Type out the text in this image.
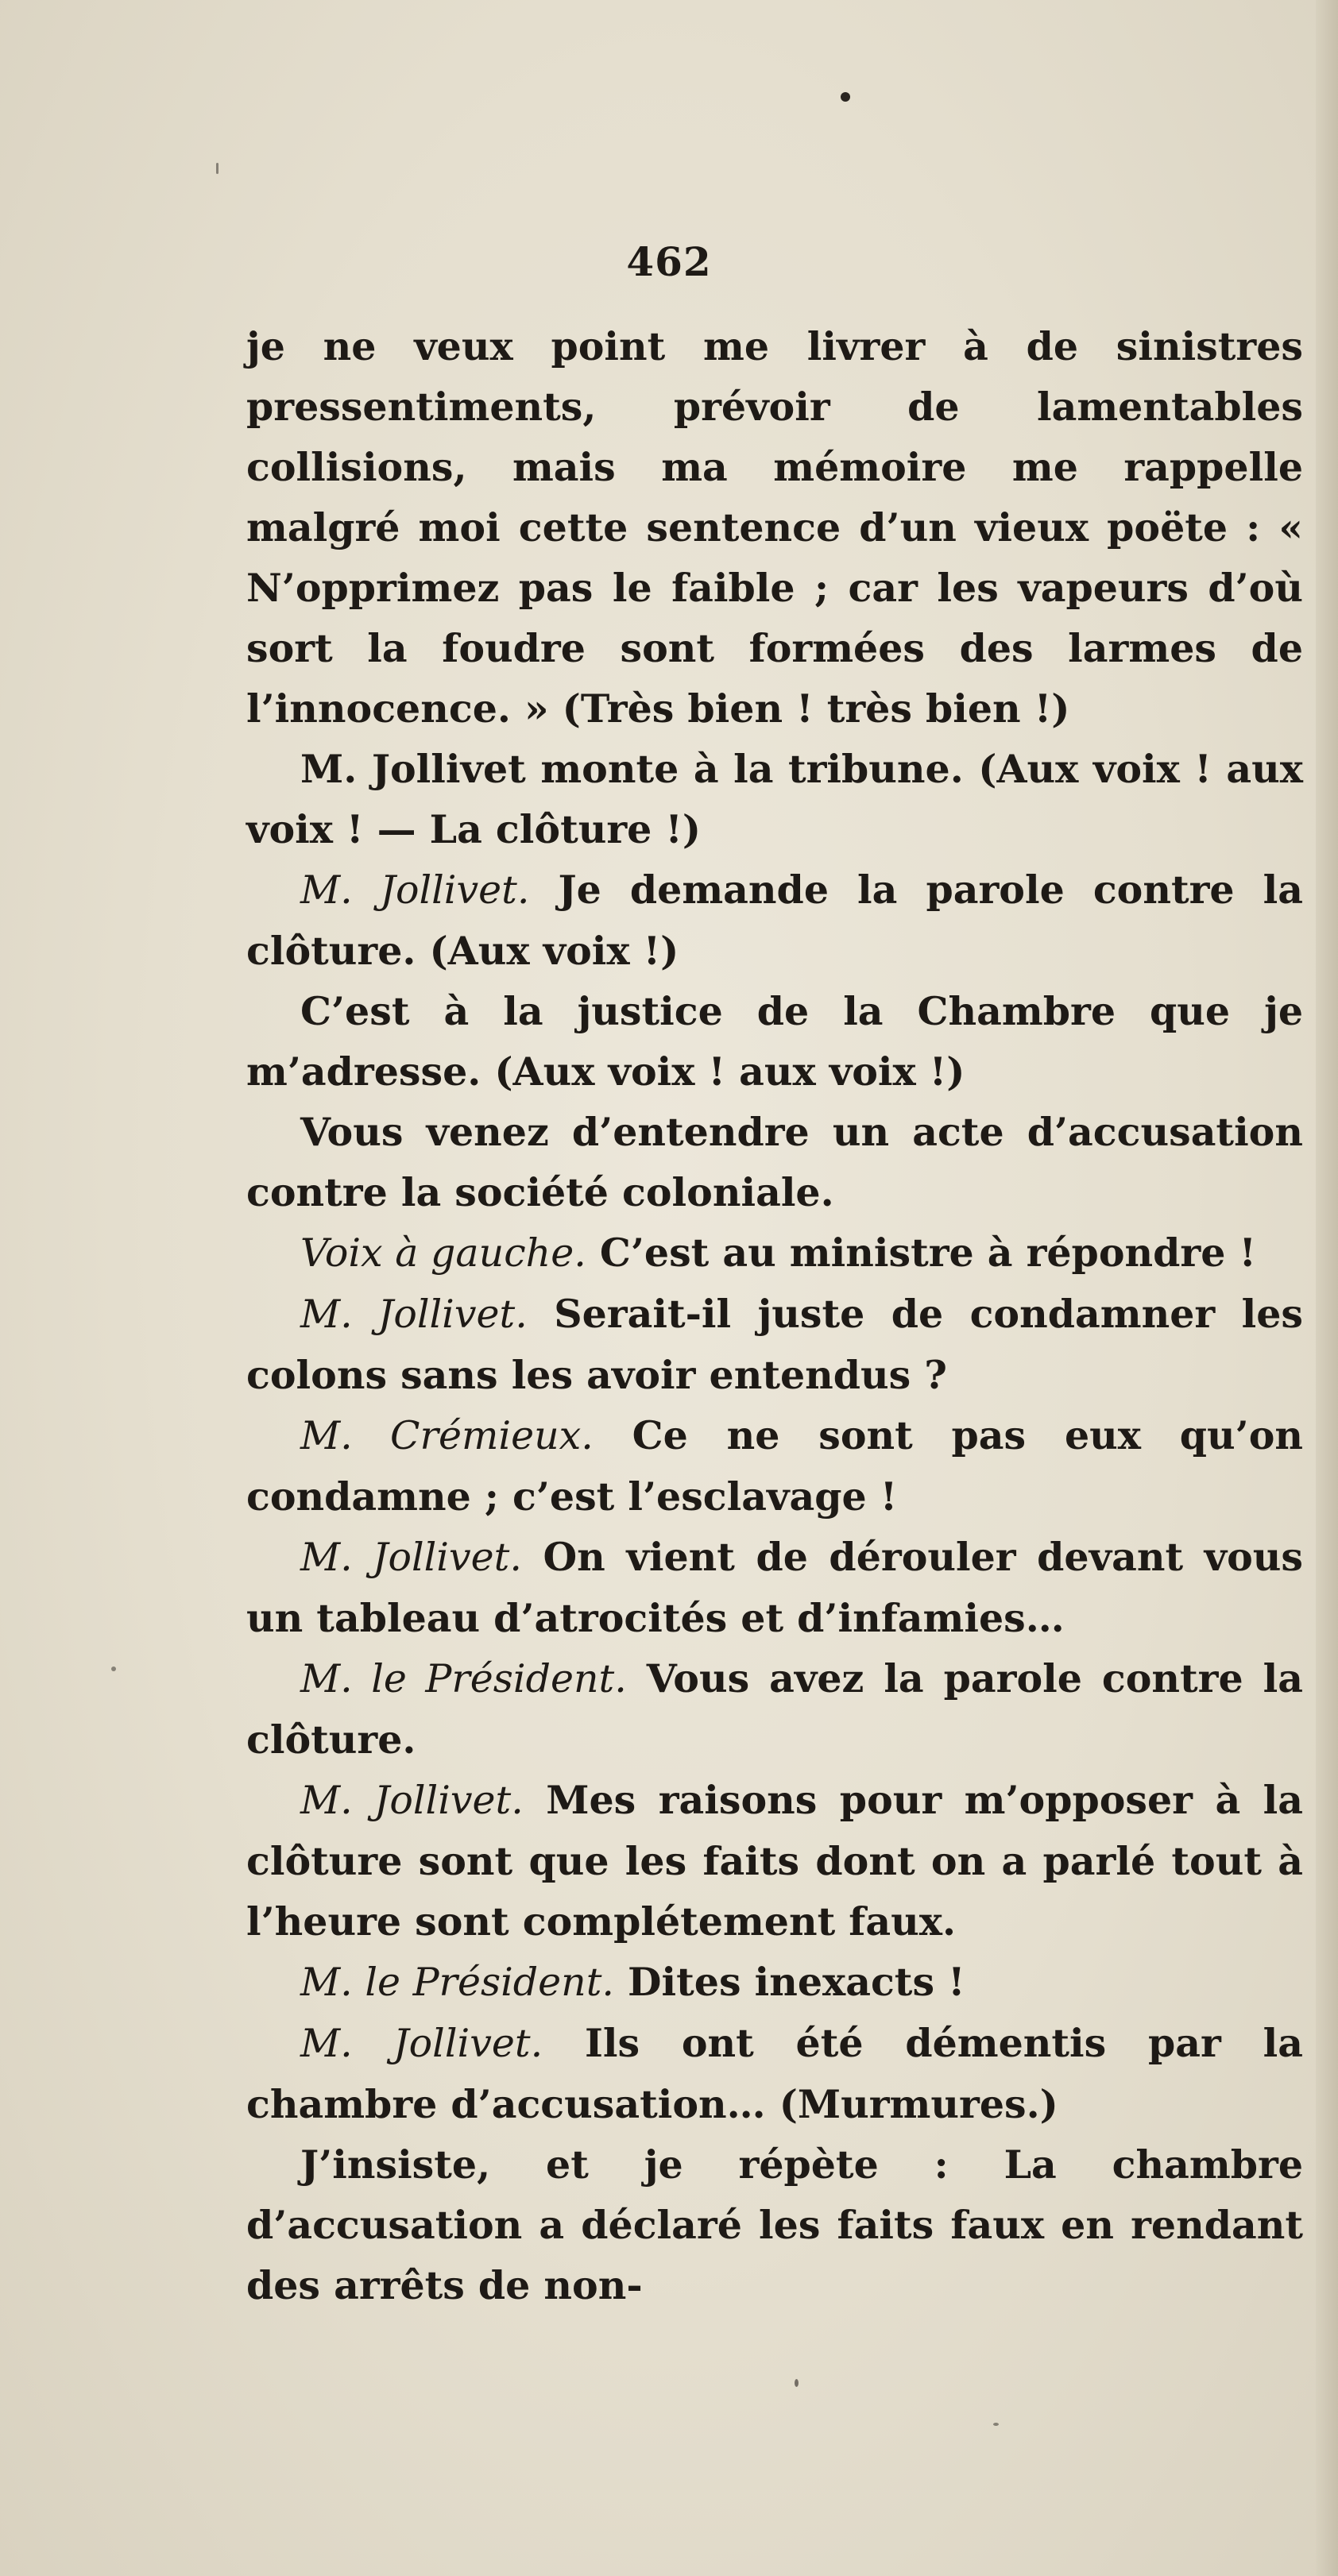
462

je ne veux point me livrer à de sinistres pressentiments, prévoir de lamentables collisions, mais ma mémoire me rappelle malgré moi cette sentence d’un vieux poëte : « N’opprimez pas le faible ; car les vapeurs d’où sort la foudre sont formées des larmes de l’innocence. » (Très bien ! très bien !)

M. Jollivet monte à la tribune. (Aux voix ! aux voix ! — La clôture !)

M. Jollivet. Je demande la parole contre la clôture. (Aux voix !)

C’est à la justice de la Chambre que je m’adresse. (Aux voix ! aux voix !)

Vous venez d’entendre un acte d’accusation contre la société coloniale.

Voix à gauche. C’est au ministre à répondre !

M. Jollivet. Serait-il juste de condamner les colons sans les avoir entendus ?

M. Crémieux. Ce ne sont pas eux qu’on condamne ; c’est l’esclavage !

M. Jollivet. On vient de dérouler devant vous un tableau d’atrocités et d’infamies…

M. le Président. Vous avez la parole contre la clôture.

M. Jollivet. Mes raisons pour m’opposer à la clôture sont que les faits dont on a parlé tout à l’heure sont complétement faux.

M. le Président. Dites inexacts !

M. Jollivet. Ils ont été démentis par la chambre d’accusation… (Murmures.)

J’insiste, et je répète : La chambre d’accusation a déclaré les faits faux en rendant des arrêts de non-
